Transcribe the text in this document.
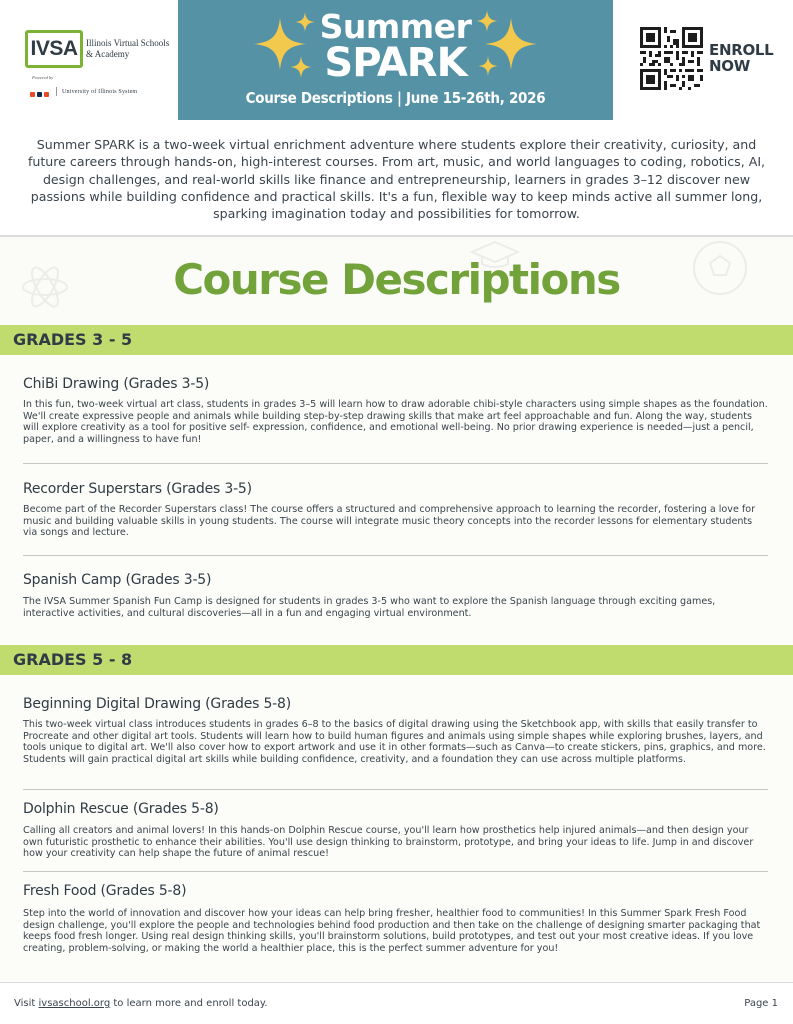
IVSA Illinois Virtual Schools & Academy
Powered by
University of Illinois System
Summer
SPARK
Course Descriptions | June 15-26th, 2026
ENROLL
NOW

Summer SPARK is a two-week virtual enrichment adventure where students explore their creativity, curiosity, and future careers through hands-on, high-interest courses. From art, music, and world languages to coding, robotics, AI, design challenges, and real-world skills like finance and entrepreneurship, learners in grades 3–12 discover new passions while building confidence and practical skills. It's a fun, flexible way to keep minds active all summer long, sparking imagination today and possibilities for tomorrow.

Course Descriptions
GRADES 3 - 5
ChiBi Drawing (Grades 3-5)

In this fun, two-week virtual art class, students in grades 3–5 will learn how to draw adorable chibi-style characters using simple shapes as the foundation. We'll create expressive people and animals while building step-by-step drawing skills that make art feel approachable and fun. Along the way, students will explore creativity as a tool for positive self- expression, confidence, and emotional well-being. No prior drawing experience is needed—just a pencil, paper, and a willingness to have fun!

Recorder Superstars (Grades 3-5)

Become part of the Recorder Superstars class! The course offers a structured and comprehensive approach to learning the recorder, fostering a love for music and building valuable skills in young students. The course will integrate music theory concepts into the recorder lessons for elementary students via songs and lecture.

Spanish Camp (Grades 3-5)

The IVSA Summer Spanish Fun Camp is designed for students in grades 3-5 who want to explore the Spanish language through exciting games, interactive activities, and cultural discoveries—all in a fun and engaging virtual environment.

GRADES 5 - 8
Beginning Digital Drawing (Grades 5-8)

This two-week virtual class introduces students in grades 6–8 to the basics of digital drawing using the Sketchbook app, with skills that easily transfer to Procreate and other digital art tools. Students will learn how to build human figures and animals using simple shapes while exploring brushes, layers, and tools unique to digital art. We'll also cover how to export artwork and use it in other formats—such as Canva—to create stickers, pins, graphics, and more. Students will gain practical digital art skills while building confidence, creativity, and a foundation they can use across multiple platforms.

Dolphin Rescue (Grades 5-8)

Calling all creators and animal lovers! In this hands-on Dolphin Rescue course, you'll learn how prosthetics help injured animals—and then design your own futuristic prosthetic to enhance their abilities. You'll use design thinking to brainstorm, prototype, and bring your ideas to life. Jump in and discover how your creativity can help shape the future of animal rescue!

Fresh Food (Grades 5-8)

Step into the world of innovation and discover how your ideas can help bring fresher, healthier food to communities! In this Summer Spark Fresh Food design challenge, you'll explore the people and technologies behind food production and then take on the challenge of designing smarter packaging that keeps food fresh longer. Using real design thinking skills, you'll brainstorm solutions, build prototypes, and test out your most creative ideas. If you love creating, problem-solving, or making the world a healthier place, this is the perfect summer adventure for you!

Visit ivsaschool.org to learn more and enroll today.	Page 1
